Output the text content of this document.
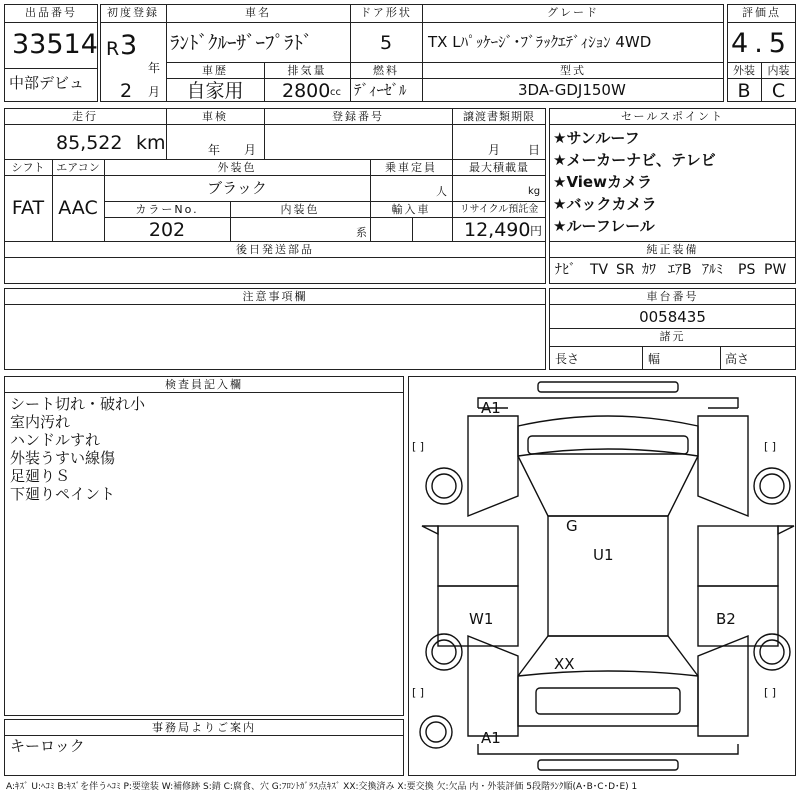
出品番号
33514
中部デビュ
初度登録
R 3
年
2 月
車名
ﾗﾝﾄﾞｸﾙｰｻﾞｰﾌﾟﾗﾄﾞ
ドア形状
5
グレード
TX Lﾊﾟｯｹｰｼﾞ･ﾌﾞﾗｯｸｴﾃﾞｨｼｮﾝ 4WD
車歴
自家用
排気量
2800 cc
燃料
ﾃﾞｨｰｾﾞﾙ
型式
3DA-GDJ150W
評価点
4.5
外装	内装
B	C
走行
85,522 km
車検
年 月
登録番号	譲渡書類期限
月 日
シフト
FAT
エアコン
AAC
外装色
ブラック
乗車定員
人
最大積載量
kg
カラーNo.
202
内装色
系
輸入車	リサイクル預託金
12,490 円
後日発送部品
セールスポイント
★サンルーフ
★メーカーナビ、テレビ
★Viewカメラ
★バックカメラ
★ルーフレール
純正装備
ﾅﾋﾞ TV SR ｶﾜ ｴｱB ｱﾙﾐ PS PW
注意事項欄	車台番号
0058435
諸元
長さ	幅	高さ
検査員記入欄
シート切れ・破れ小
室内汚れ
ハンドルすれ
外装うすい線傷
足廻りＳ
下廻りペイント
事務局よりご案内
キーロック
[ ]	[ ]
[ ]	[ ]
A1
G
U1
W1	B2
XX
A1
A:ｷｽﾞ U:ﾍｺﾐ B:ｷｽﾞを伴うﾍｺﾐ P:要塗装 W:補修跡 S:錆 C:腐食、穴 G:ﾌﾛﾝﾄｶﾞﾗｽ点ｷｽﾞ XX:交換済み X:要交換 欠:欠品 内・外装評価 5段階ﾗﾝｸ順(A･B･C･D･E) 1
